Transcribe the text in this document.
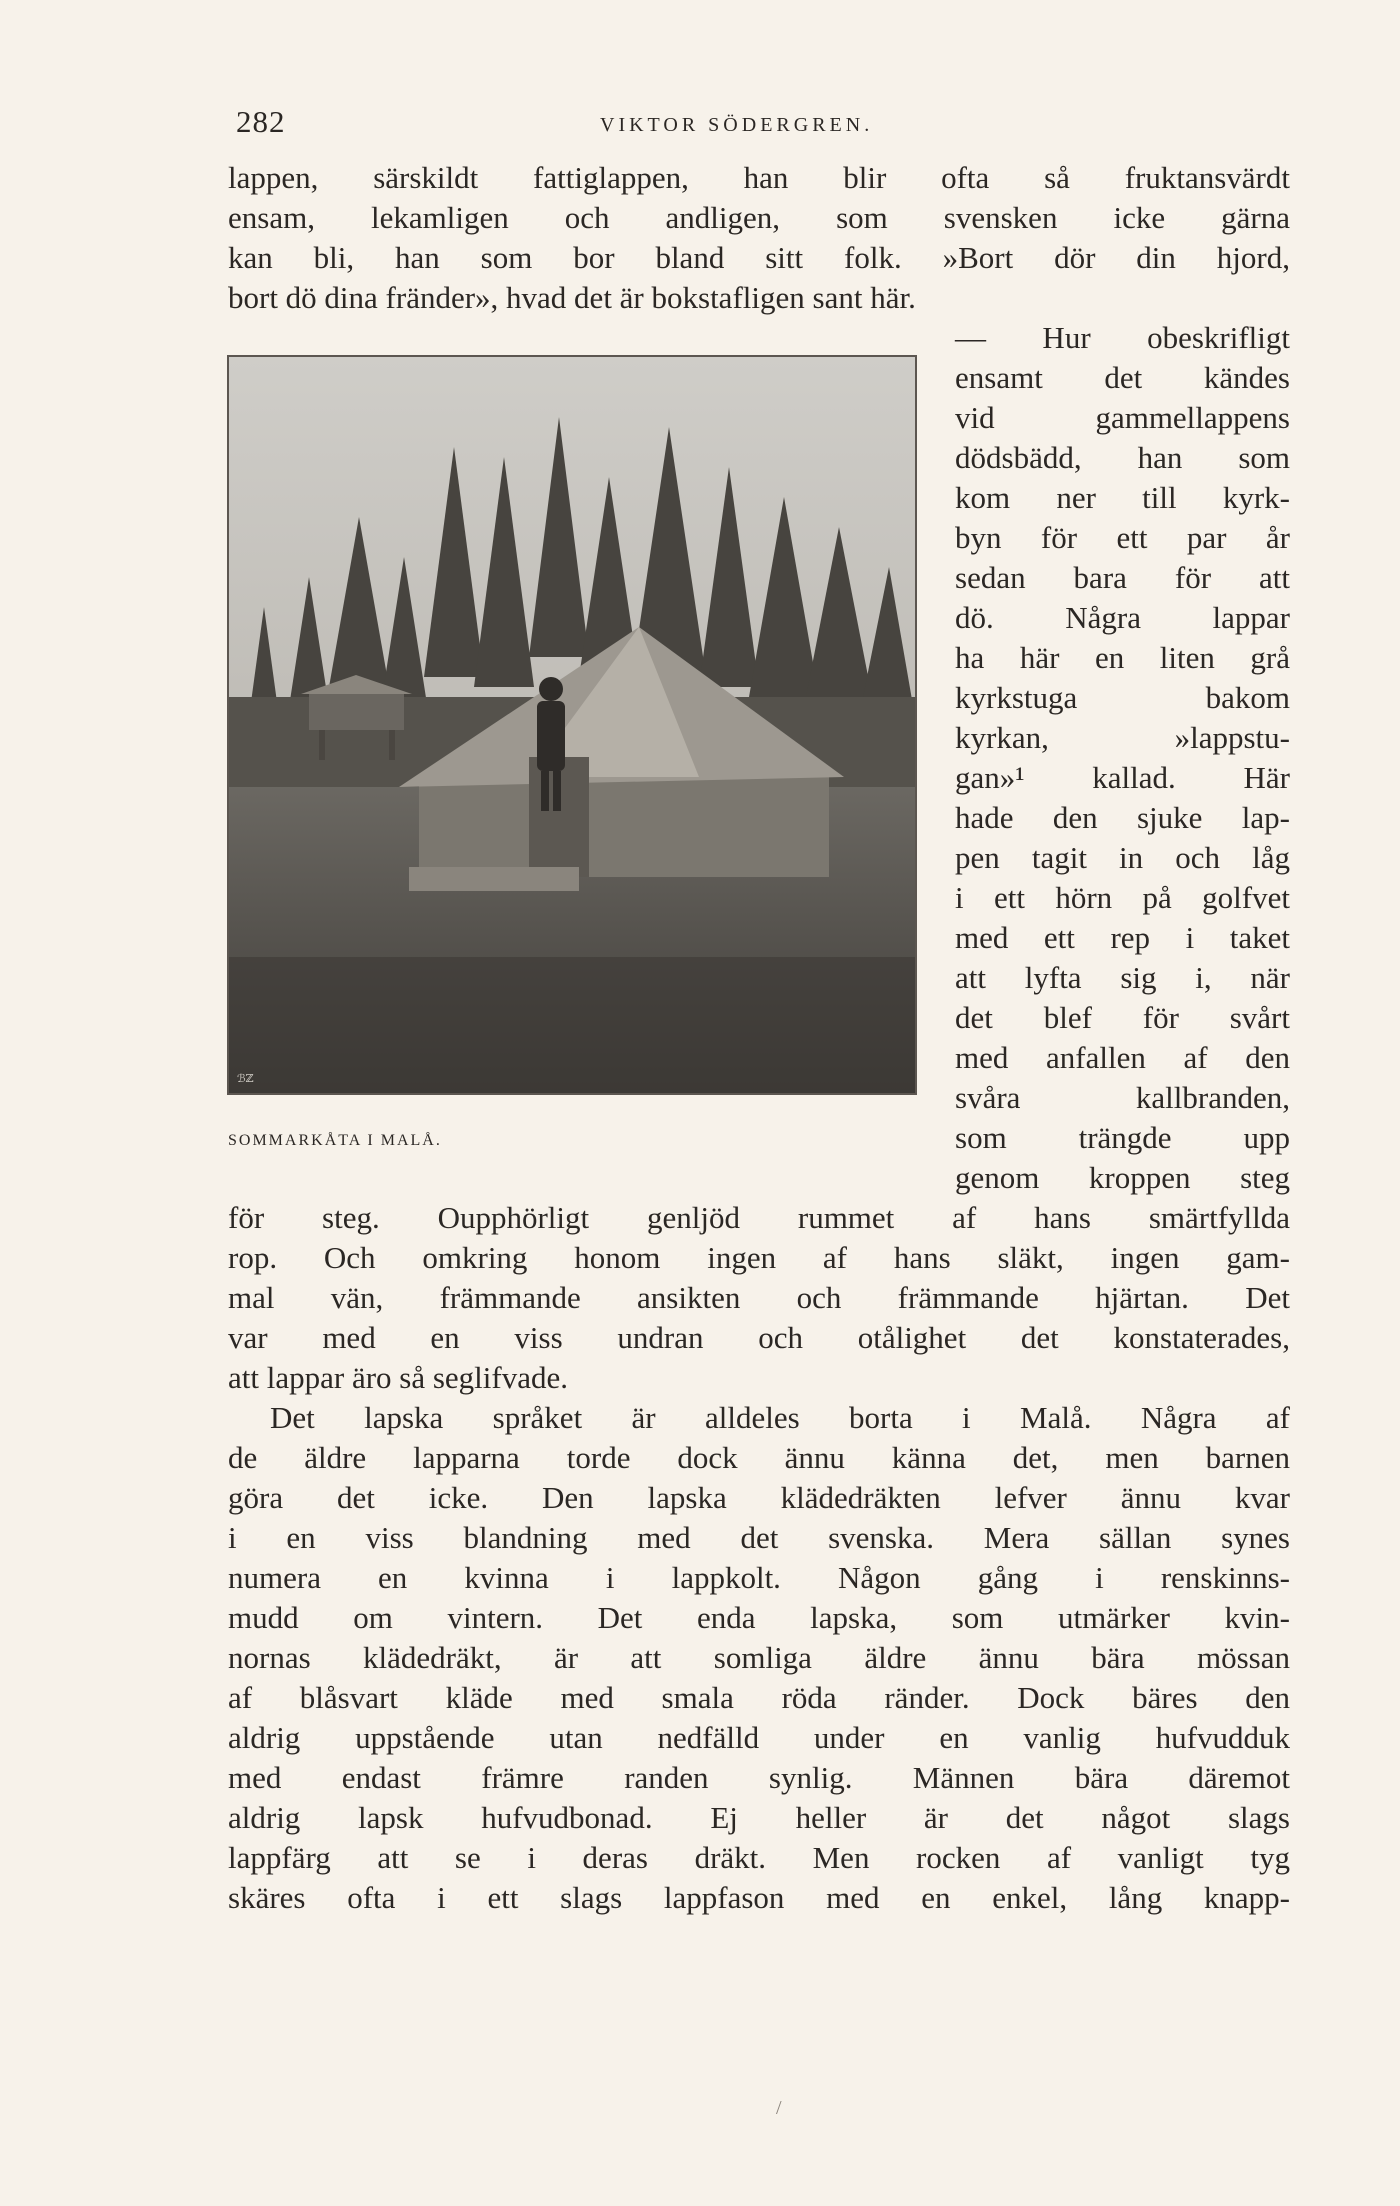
282	VIKTOR SÖDERGREN.
lappen, särskildt fattiglappen, han blir ofta så fruktansvärdt
ensam, lekamligen och andligen, som svensken icke gärna
kan bli, han som bor bland sitt folk. »Bort dör din hjord,
bort dö dina fränder», hvad det är bokstafligen sant här.
— Hur obeskrifligt
ensamt det kändes
vid gammellappens
dödsbädd, han som
kom ner till kyrk-
byn för ett par år
sedan bara för att
dö. Några lappar
ha här en liten grå
kyrkstuga bakom
kyrkan, »lappstu-
gan»¹ kallad. Här
hade den sjuke lap-
pen tagit in och låg
i ett hörn på golfvet
med ett rep i taket
att lyfta sig i, när
det blef för svårt
med anfallen af den
svåra kallbranden,
som trängde upp
genom kroppen steg
för steg. Oupphörligt genljöd rummet af hans smärtfyllda
rop. Och omkring honom ingen af hans släkt, ingen gam-
mal vän, främmande ansikten och främmande hjärtan. Det
var med en viss undran och otålighet det konstaterades,
att lappar äro så seglifvade.
Det lapska språket är alldeles borta i Malå. Några af
de äldre lapparna torde dock ännu känna det, men barnen
göra det icke. Den lapska klädedräkten lefver ännu kvar
i en viss blandning med det svenska. Mera sällan synes
numera en kvinna i lappkolt. Någon gång i renskinns-
mudd om vintern. Det enda lapska, som utmärker kvin-
nornas klädedräkt, är att somliga äldre ännu bära mössan
af blåsvart kläde med smala röda ränder. Dock bäres den
aldrig uppstående utan nedfälld under en vanlig hufvudduk
med endast främre randen synlig. Männen bära däremot
aldrig lapsk hufvudbonad. Ej heller är det något slags
lappfärg att se i deras dräkt. Men rocken af vanligt tyg
skäres ofta i ett slags lappfason med en enkel, lång knapp-
ℬℤ
SOMMARKÅTA I MALÅ.
/
